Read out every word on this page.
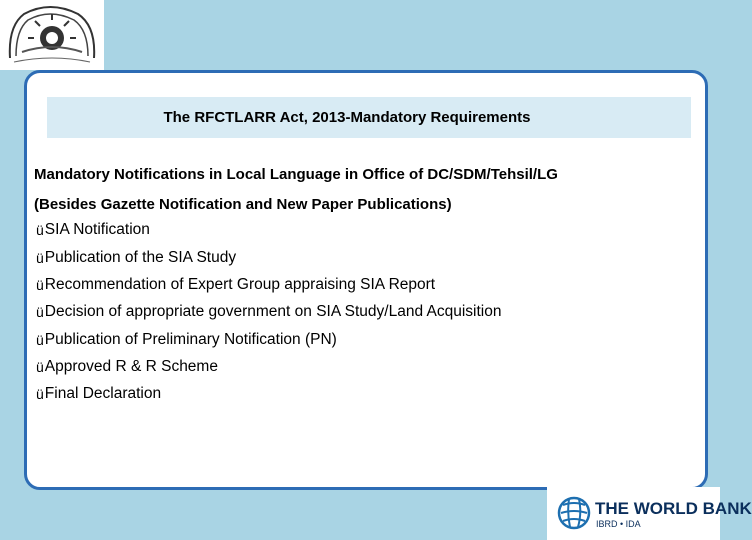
The RFCTLARR Act, 2013-Mandatory Requirements
Mandatory Notifications in Local Language in Office of DC/SDM/Tehsil/LG
(Besides Gazette Notification and New Paper Publications)
ü SIA Notification
ü Publication of the SIA Study
ü Recommendation of Expert Group appraising SIA Report
ü Decision of appropriate government on SIA Study/Land Acquisition
ü Publication of Preliminary Notification (PN)
ü Approved R & R Scheme
ü Final Declaration
THE WORLD BANK
IBRD • IDA
